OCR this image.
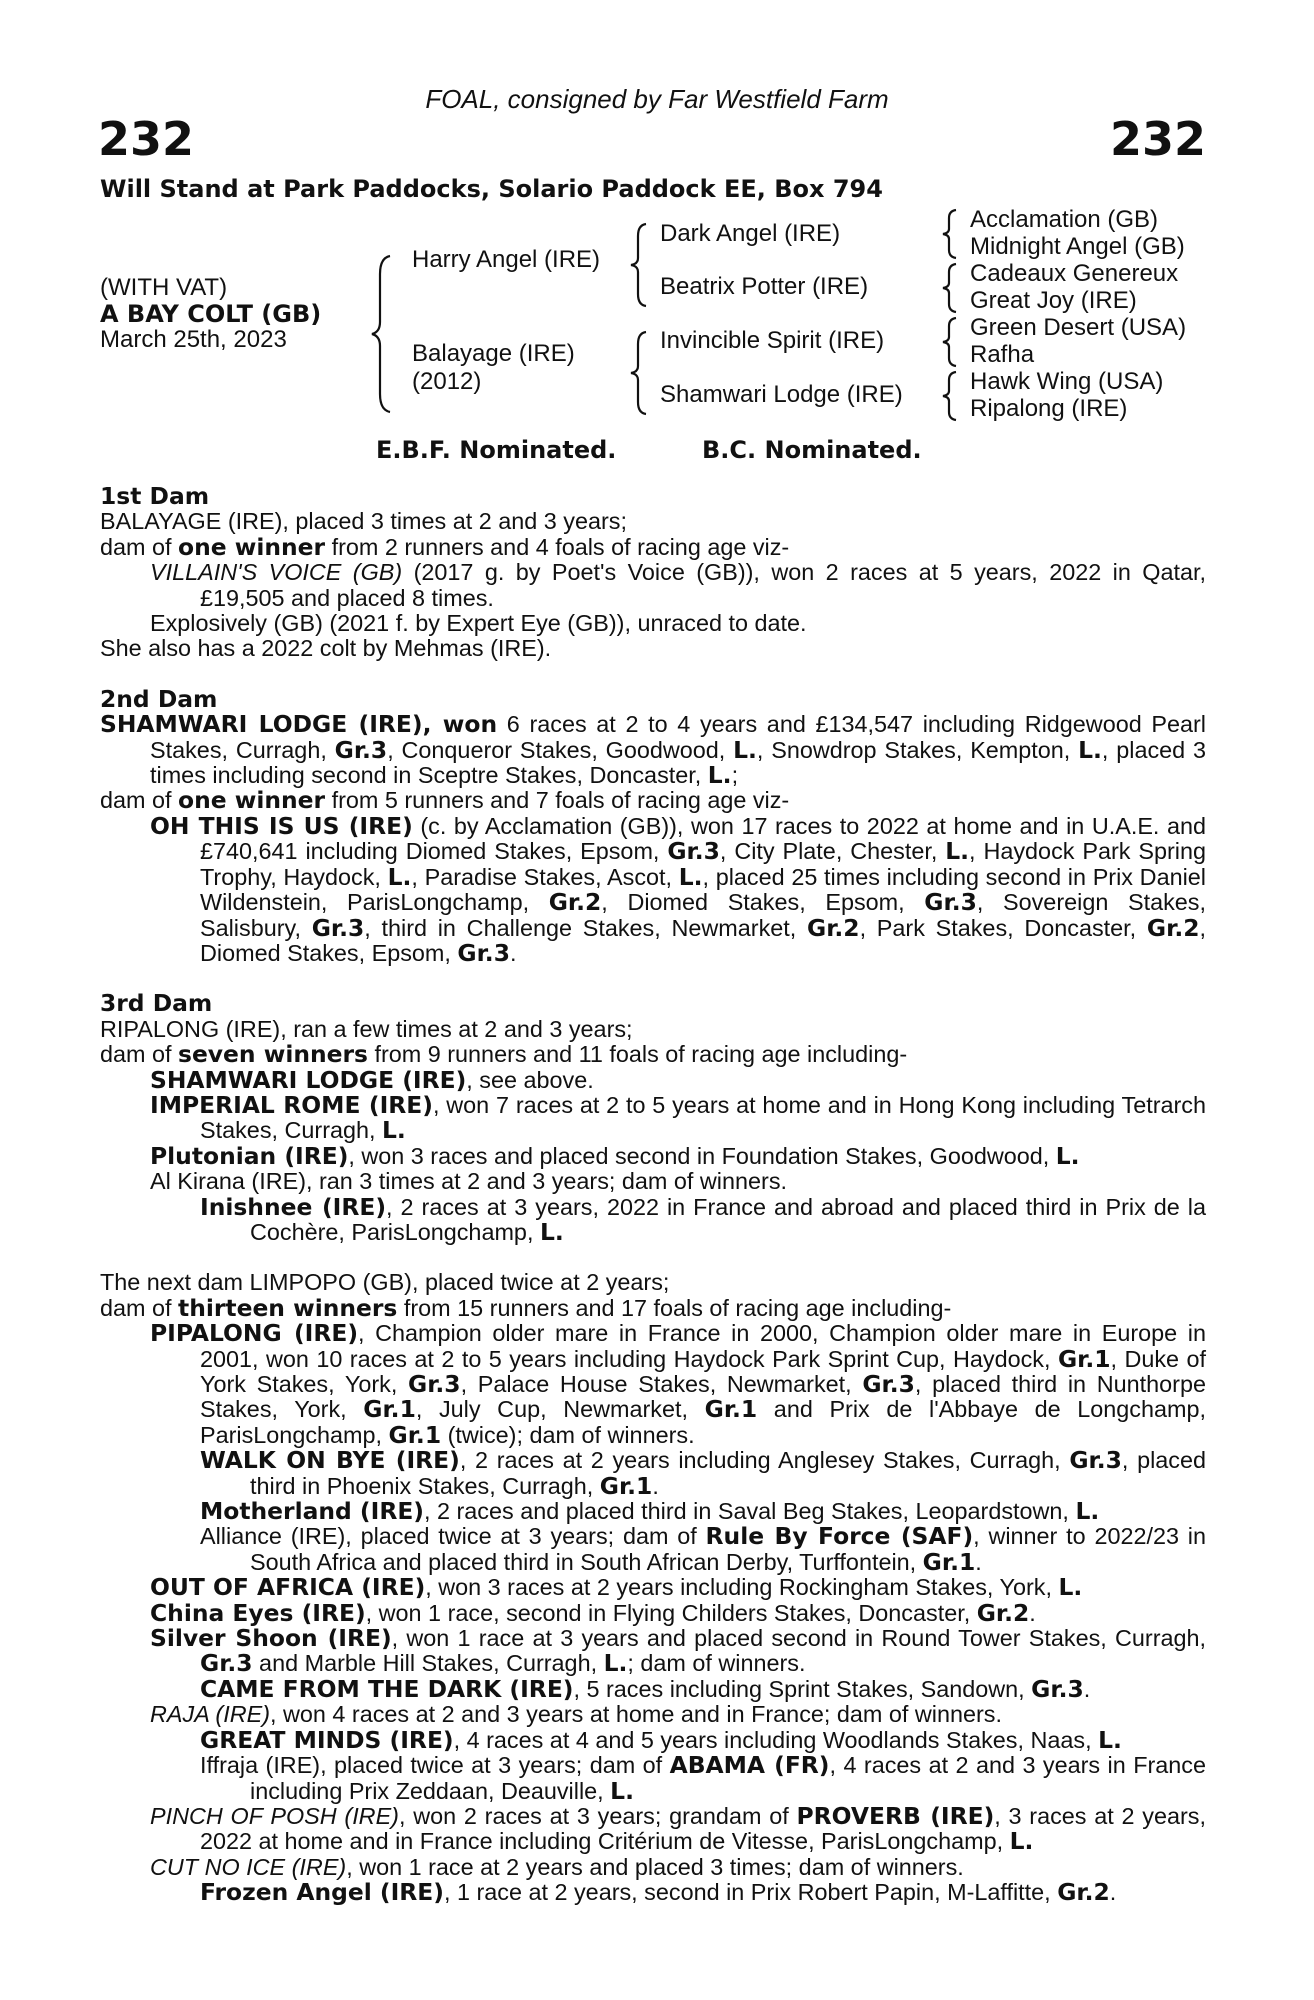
FOAL, consigned by Far Westfield Farm
232	232
Will Stand at Park Paddocks, Solario Paddock EE, Box 794
(WITH VAT)
A BAY COLT (GB)
March 25th, 2023
Harry Angel (IRE)
Balayage (IRE)
(2012)
Dark Angel (IRE)
Beatrix Potter (IRE)
Invincible Spirit (IRE)
Shamwari Lodge (IRE)
Acclamation (GB)
Midnight Angel (GB)
Cadeaux Genereux
Great Joy (IRE)
Green Desert (USA)
Rafha
Hawk Wing (USA)
Ripalong (IRE)
E.B.F. Nominated.	B.C. Nominated.

1st Dam

BALAYAGE (IRE), placed 3 times at 2 and 3 years;

dam of one winner from 2 runners and 4 foals of racing age viz-

VILLAIN'S VOICE (GB) (2017 g. by Poet's Voice (GB)), won 2 races at 5 years, 2022 in Qatar, £19,505 and placed 8 times.

Explosively (GB) (2021 f. by Expert Eye (GB)), unraced to date.

She also has a 2022 colt by Mehmas (IRE).

2nd Dam

SHAMWARI LODGE (IRE), won 6 races at 2 to 4 years and £134,547 including Ridgewood Pearl Stakes, Curragh, Gr.3, Conqueror Stakes, Goodwood, L., Snowdrop Stakes, Kempton, L., placed 3 times including second in Sceptre Stakes, Doncaster, L.;

dam of one winner from 5 runners and 7 foals of racing age viz-

OH THIS IS US (IRE) (c. by Acclamation (GB)), won 17 races to 2022 at home and in U.A.E. and £740,641 including Diomed Stakes, Epsom, Gr.3, City Plate, Chester, L., Haydock Park Spring Trophy, Haydock, L., Paradise Stakes, Ascot, L., placed 25 times including second in Prix Daniel Wildenstein, ParisLongchamp, Gr.2, Diomed Stakes, Epsom, Gr.3, Sovereign Stakes, Salisbury, Gr.3, third in Challenge Stakes, Newmarket, Gr.2, Park Stakes, Doncaster, Gr.2, Diomed Stakes, Epsom, Gr.3.

3rd Dam

RIPALONG (IRE), ran a few times at 2 and 3 years;

dam of seven winners from 9 runners and 11 foals of racing age including-

SHAMWARI LODGE (IRE), see above.

IMPERIAL ROME (IRE), won 7 races at 2 to 5 years at home and in Hong Kong including Tetrarch Stakes, Curragh, L.

Plutonian (IRE), won 3 races and placed second in Foundation Stakes, Goodwood, L.

Al Kirana (IRE), ran 3 times at 2 and 3 years; dam of winners.

Inishnee (IRE), 2 races at 3 years, 2022 in France and abroad and placed third in Prix de la Cochère, ParisLongchamp, L.

The next dam LIMPOPO (GB), placed twice at 2 years;

dam of thirteen winners from 15 runners and 17 foals of racing age including-

PIPALONG (IRE), Champion older mare in France in 2000, Champion older mare in Europe in 2001, won 10 races at 2 to 5 years including Haydock Park Sprint Cup, Haydock, Gr.1, Duke of York Stakes, York, Gr.3, Palace House Stakes, Newmarket, Gr.3, placed third in Nunthorpe Stakes, York, Gr.1, July Cup, Newmarket, Gr.1 and Prix de l'Abbaye de Longchamp, ParisLongchamp, Gr.1 (twice); dam of winners.

WALK ON BYE (IRE), 2 races at 2 years including Anglesey Stakes, Curragh, Gr.3, placed third in Phoenix Stakes, Curragh, Gr.1.

Motherland (IRE), 2 races and placed third in Saval Beg Stakes, Leopardstown, L.

Alliance (IRE), placed twice at 3 years; dam of Rule By Force (SAF), winner to 2022/23 in South Africa and placed third in South African Derby, Turffontein, Gr.1.

OUT OF AFRICA (IRE), won 3 races at 2 years including Rockingham Stakes, York, L.

China Eyes (IRE), won 1 race, second in Flying Childers Stakes, Doncaster, Gr.2.

Silver Shoon (IRE), won 1 race at 3 years and placed second in Round Tower Stakes, Curragh, Gr.3 and Marble Hill Stakes, Curragh, L.; dam of winners.

CAME FROM THE DARK (IRE), 5 races including Sprint Stakes, Sandown, Gr.3.

RAJA (IRE), won 4 races at 2 and 3 years at home and in France; dam of winners.

GREAT MINDS (IRE), 4 races at 4 and 5 years including Woodlands Stakes, Naas, L.

Iffraja (IRE), placed twice at 3 years; dam of ABAMA (FR), 4 races at 2 and 3 years in France including Prix Zeddaan, Deauville, L.

PINCH OF POSH (IRE), won 2 races at 3 years; grandam of PROVERB (IRE), 3 races at 2 years, 2022 at home and in France including Critérium de Vitesse, ParisLongchamp, L.

CUT NO ICE (IRE), won 1 race at 2 years and placed 3 times; dam of winners.

Frozen Angel (IRE), 1 race at 2 years, second in Prix Robert Papin, M-Laffitte, Gr.2.
